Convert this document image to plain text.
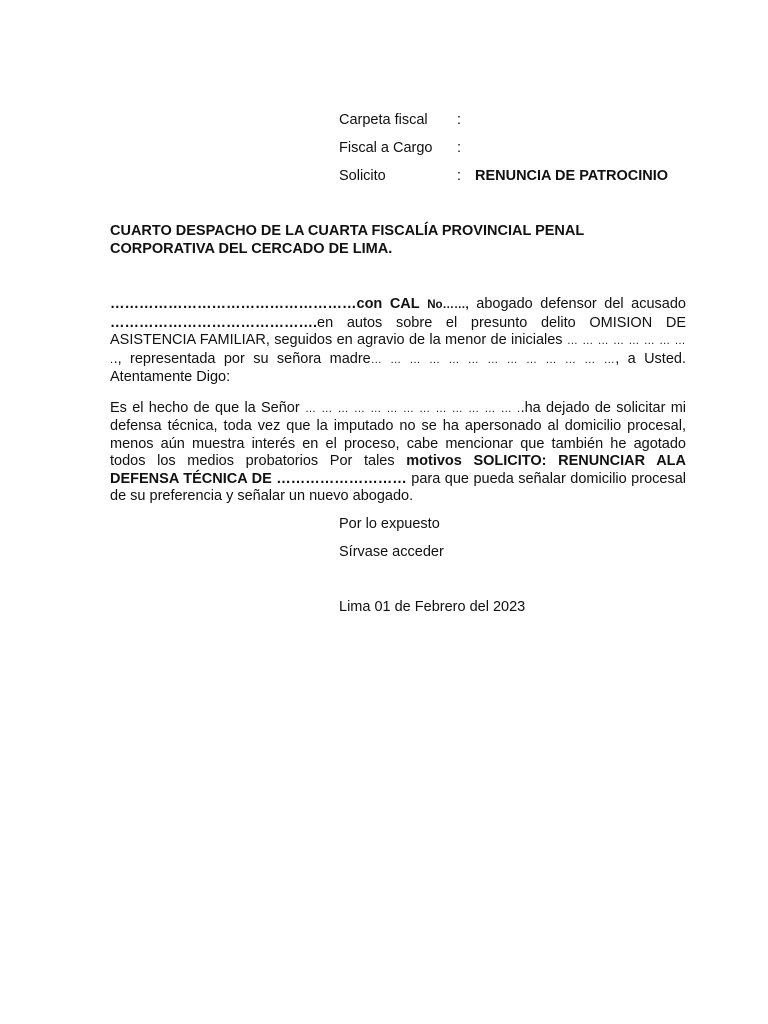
Carpeta fiscal	:
Fiscal a Cargo	:
Solicito	: RENUNCIA DE PATROCINIO

CUARTO DESPACHO DE LA CUARTA FISCALÍA PROVINCIAL PENAL CORPORATIVA DEL CERCADO DE LIMA.

……………………………………………con CAL No……, abogado defensor del acusado …………………………………….en autos sobre el presunto delito OMISION DE ASISTENCIA FAMILIAR, seguidos en agravio de la menor de iniciales … … … … … … … … .., representada por su señora madre… … … … … … … … … … … … …, a Usted. Atentamente Digo:

Es el hecho de que la Señor … … … … … … … … … … … … … ..ha dejado de solicitar mi defensa técnica, toda vez que la imputado no se ha apersonado al domicilio procesal, menos aún muestra interés en el proceso, cabe mencionar que también he agotado todos los medios probatorios Por tales motivos SOLICITO: RENUNCIAR ALA DEFENSA TÉCNICA DE ……………………… para que pueda señalar domicilio procesal de su preferencia y señalar un nuevo abogado.

Por lo expuesto
Sírvase acceder
Lima 01 de Febrero del 2023
